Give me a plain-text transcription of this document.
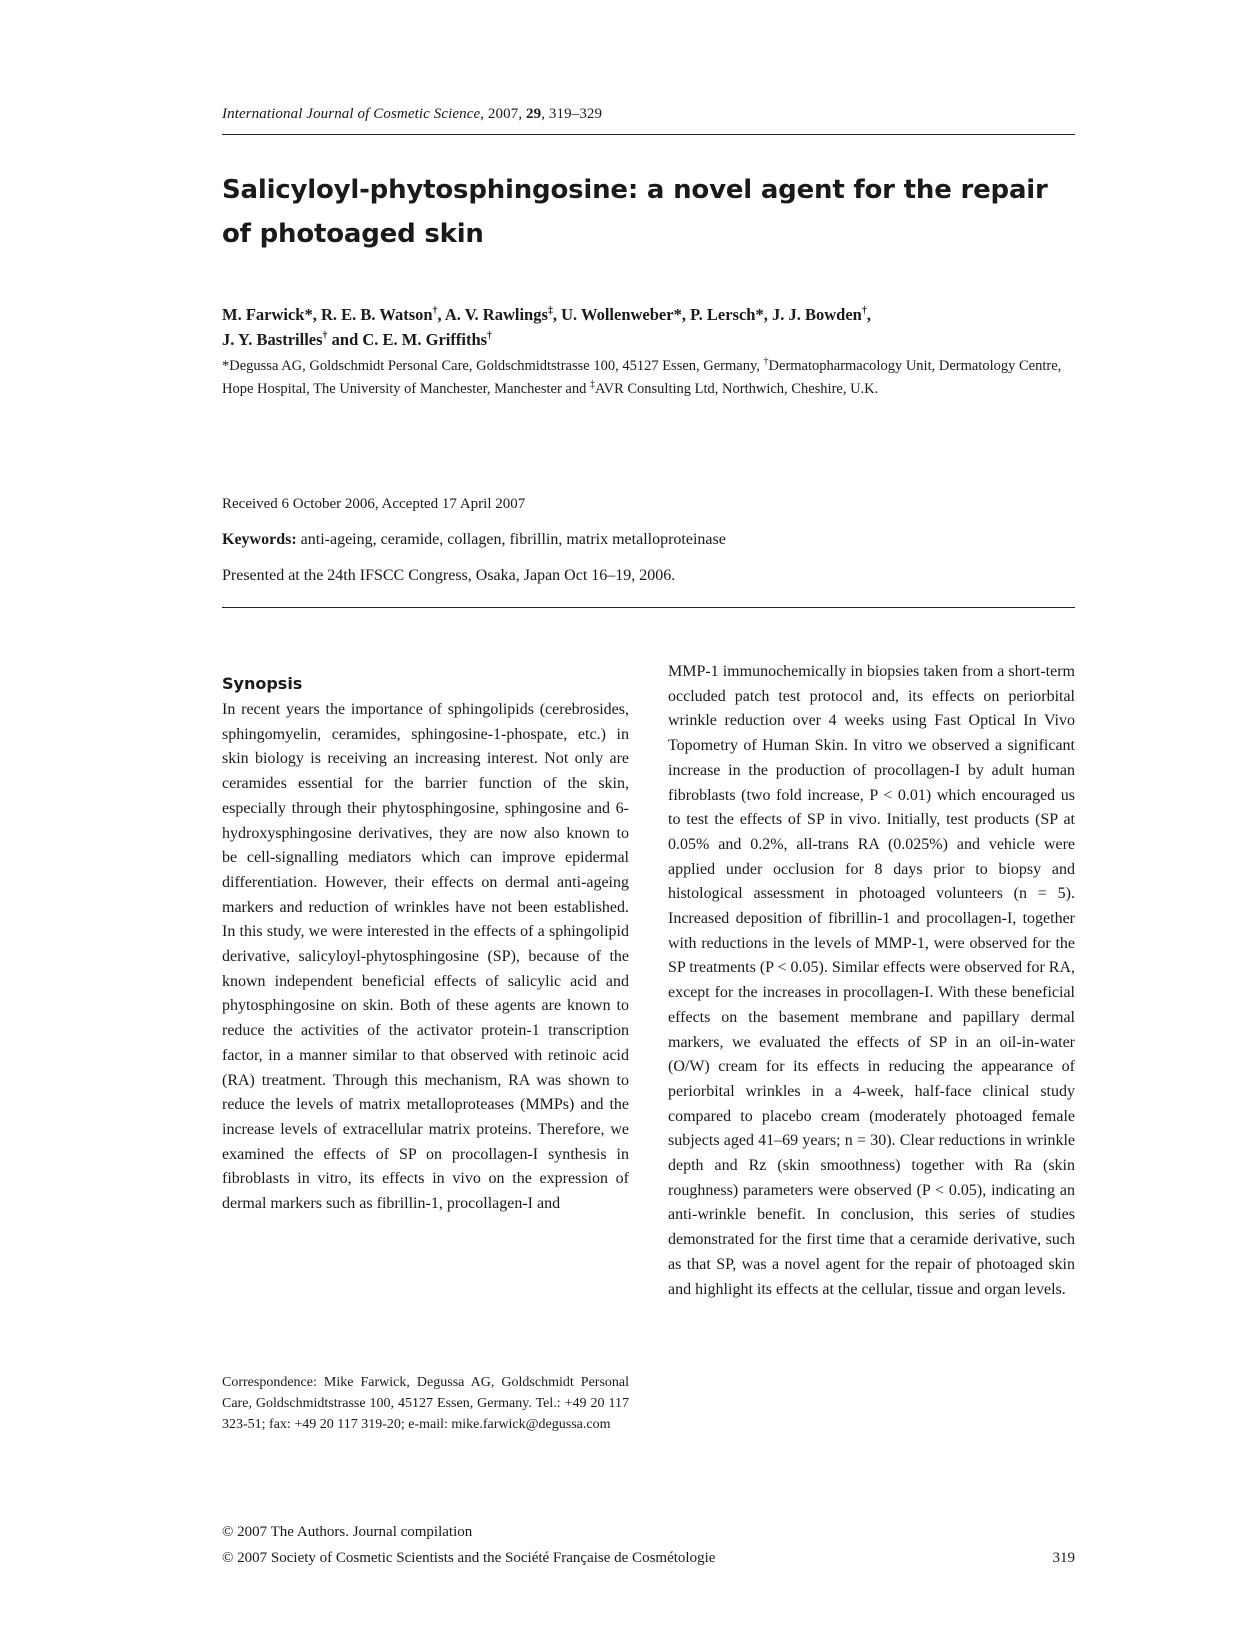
International Journal of Cosmetic Science, 2007, 29, 319–329
Salicyloyl-phytosphingosine: a novel agent for the repair of photoaged skin

M. Farwick*, R. E. B. Watson†, A. V. Rawlings‡, U. Wollenweber*, P. Lersch*, J. J. Bowden†,
J. Y. Bastrilles† and C. E. M. Griffiths†

*Degussa AG, Goldschmidt Personal Care, Goldschmidtstrasse 100, 45127 Essen, Germany, †Dermatopharmacology Unit, Dermatology Centre, Hope Hospital, The University of Manchester, Manchester and ‡AVR Consulting Ltd, Northwich, Cheshire, U.K.

Received 6 October 2006, Accepted 17 April 2007
Keywords: anti-ageing, ceramide, collagen, fibrillin, matrix metalloproteinase
Presented at the 24th IFSCC Congress, Osaka, Japan Oct 16–19, 2006.
Synopsis

In recent years the importance of sphingolipids (cerebrosides, sphingomyelin, ceramides, sphingosine-1-phospate, etc.) in skin biology is receiving an increasing interest. Not only are ceramides essential for the barrier function of the skin, especially through their phytosphingosine, sphingosine and 6-hydroxysphingosine derivatives, they are now also known to be cell-signalling mediators which can improve epidermal differentiation. However, their effects on dermal anti-ageing markers and reduction of wrinkles have not been established. In this study, we were interested in the effects of a sphingolipid derivative, salicyloyl-phytosphingosine (SP), because of the known independent beneficial effects of salicylic acid and phytosphingosine on skin. Both of these agents are known to reduce the activities of the activator protein-1 transcription factor, in a manner similar to that observed with retinoic acid (RA) treatment. Through this mechanism, RA was shown to reduce the levels of matrix metalloproteases (MMPs) and the increase levels of extracellular matrix proteins. Therefore, we examined the effects of SP on procollagen-I synthesis in fibroblasts in vitro, its effects in vivo on the expression of dermal markers such as fibrillin-1, procollagen-I and

Correspondence: Mike Farwick, Degussa AG, Goldschmidt Personal Care, Goldschmidtstrasse 100, 45127 Essen, Germany. Tel.: +49 20 117 323-51; fax: +49 20 117 319-20; e-mail: mike.farwick@degussa.com

MMP-1 immunochemically in biopsies taken from a short-term occluded patch test protocol and, its effects on periorbital wrinkle reduction over 4 weeks using Fast Optical In Vivo Topometry of Human Skin. In vitro we observed a significant increase in the production of procollagen-I by adult human fibroblasts (two fold increase, P < 0.01) which encouraged us to test the effects of SP in vivo. Initially, test products (SP at 0.05% and 0.2%, all-trans RA (0.025%) and vehicle were applied under occlusion for 8 days prior to biopsy and histological assessment in photoaged volunteers (n = 5). Increased deposition of fibrillin-1 and procollagen-I, together with reductions in the levels of MMP-1, were observed for the SP treatments (P < 0.05). Similar effects were observed for RA, except for the increases in procollagen-I. With these beneficial effects on the basement membrane and papillary dermal markers, we evaluated the effects of SP in an oil-in-water (O/W) cream for its effects in reducing the appearance of periorbital wrinkles in a 4-week, half-face clinical study compared to placebo cream (moderately photoaged female subjects aged 41–69 years; n = 30). Clear reductions in wrinkle depth and Rz (skin smoothness) together with Ra (skin roughness) parameters were observed (P < 0.05), indicating an anti-wrinkle benefit. In conclusion, this series of studies demonstrated for the first time that a ceramide derivative, such as that SP, was a novel agent for the repair of photoaged skin and highlight its effects at the cellular, tissue and organ levels.

© 2007 The Authors. Journal compilation
© 2007 Society of Cosmetic Scientists and the Société Française de Cosmétologie	319
